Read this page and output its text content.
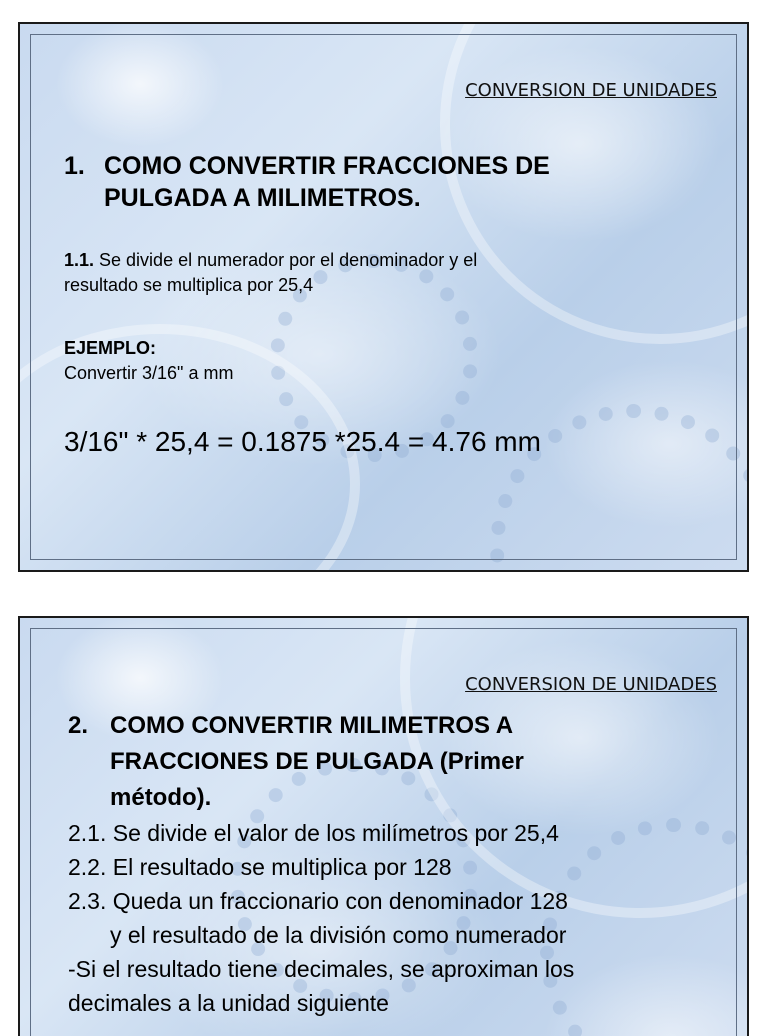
CONVERSION DE UNIDADES
1. COMO CONVERTIR FRACCIONES DE
PULGADA A MILIMETROS.
1.1. Se divide el numerador por el denominador y el
resultado se multiplica por 25,4
EJEMPLO:
Convertir 3/16" a mm
3/16" * 25,4 = 0.1875 *25.4 = 4.76 mm
CONVERSION DE UNIDADES
2. COMO CONVERTIR MILIMETROS A
FRACCIONES DE PULGADA (Primer
método).
2.1. Se divide el valor de los milímetros por 25,4
2.2. El resultado se multiplica por 128
2.3. Queda un fraccionario con denominador 128
y el resultado de la división como numerador
-Si el resultado tiene decimales, se aproximan los
decimales a la unidad siguiente
